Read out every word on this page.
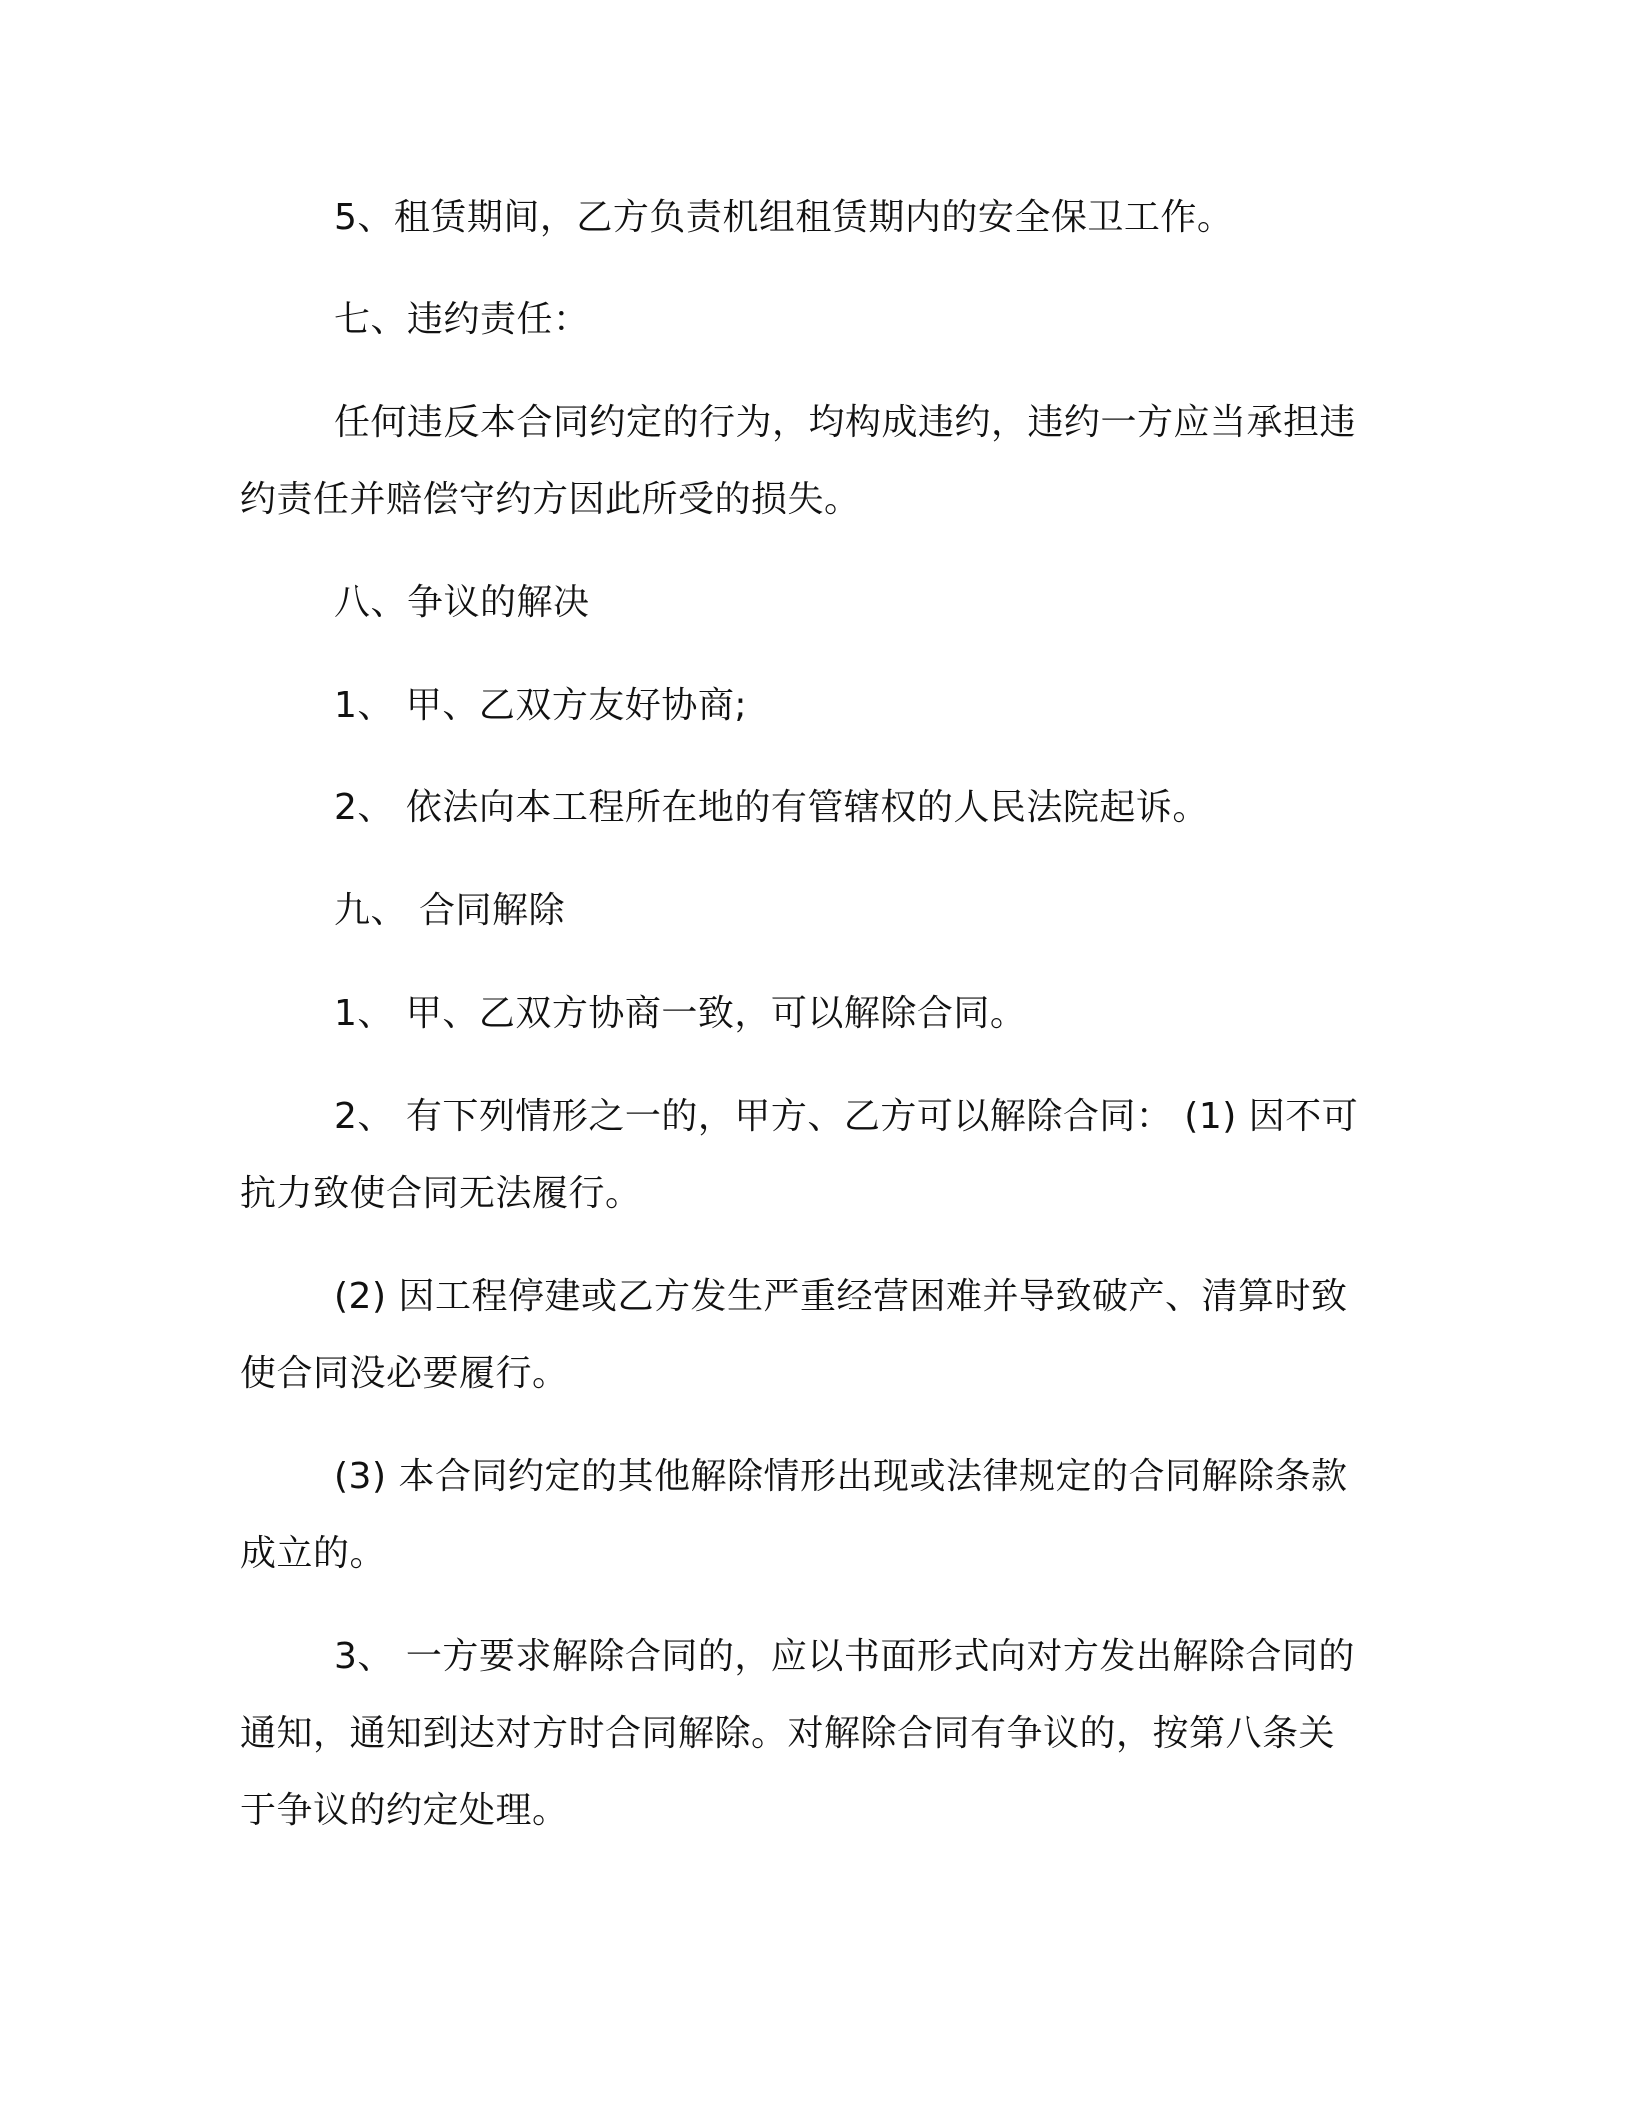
5、租赁期间，乙方负责机组租赁期内的安全保卫工作。

七、违约责任：

任何违反本合同约定的行为，均构成违约，违约一方应当承担违

约责任并赔偿守约方因此所受的损失。

八、争议的解决

1、 甲、乙双方友好协商;

2、 依法向本工程所在地的有管辖权的人民法院起诉。

九、 合同解除

1、 甲、乙双方协商一致，可以解除合同。

2、 有下列情形之一的，甲方、乙方可以解除合同： (1) 因不可

抗力致使合同无法履行。

(2) 因工程停建或乙方发生严重经营困难并导致破产、清算时致

使合同没必要履行。

(3) 本合同约定的其他解除情形出现或法律规定的合同解除条款

成立的。

3、 一方要求解除合同的，应以书面形式向对方发出解除合同的

通知，通知到达对方时合同解除。对解除合同有争议的，按第八条关

于争议的约定处理。
